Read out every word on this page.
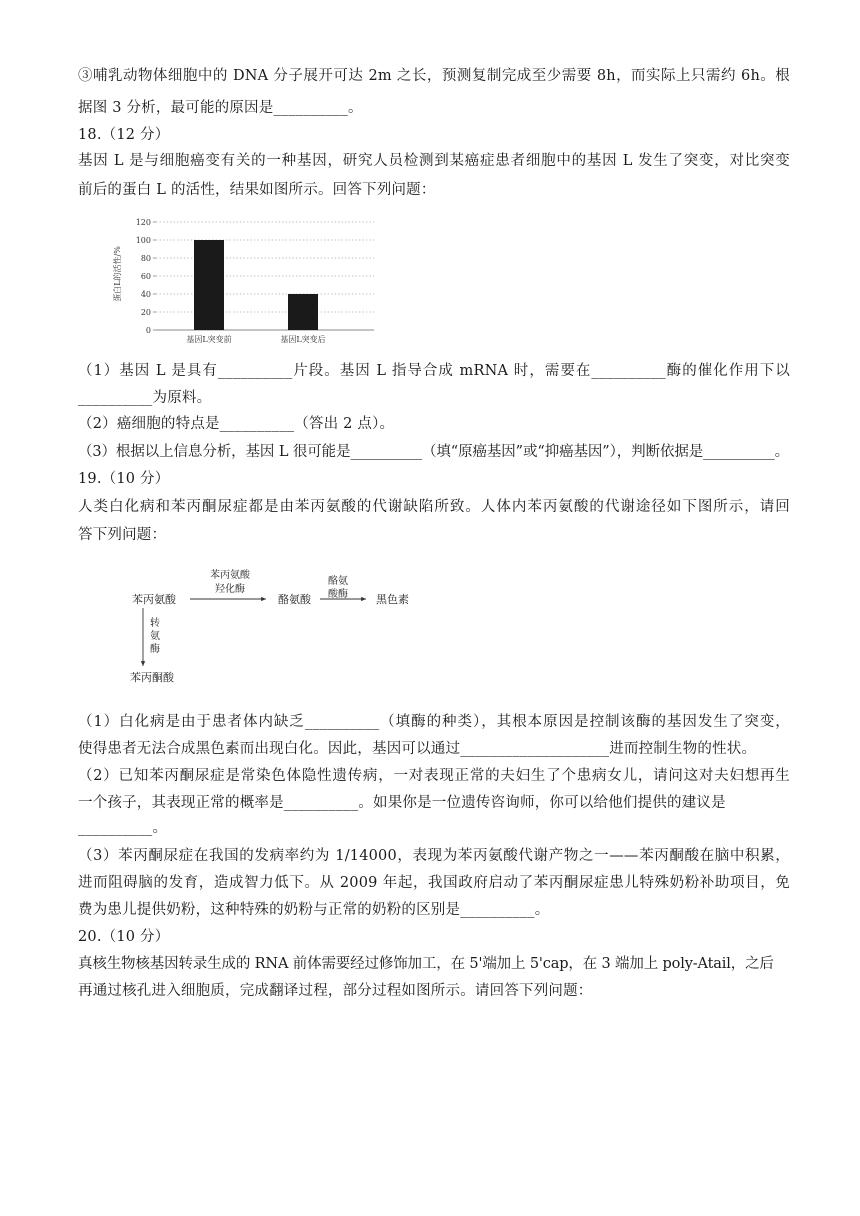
③哺乳动物体细胞中的 DNA 分子展开可达 2m 之长，预测复制完成至少需要 8h，而实际上只需约 6h。根
据图 3 分析，最可能的原因是__________。
18.（12 分）
基因 L 是与细胞癌变有关的一种基因，研究人员检测到某癌症患者细胞中的基因 L 发生了突变，对比突变
前后的蛋白 L 的活性，结果如图所示。回答下列问题：
0
20
40
60
80
100
120
基因L突变前	基因L突变后
蛋白L的活性/%
（1）基因 L 是具有__________片段。基因 L 指导合成 mRNA 时，需要在__________酶的催化作用下以
__________为原料。
（2）癌细胞的特点是__________（答出 2 点）。
（3）根据以上信息分析，基因 L 很可能是__________（填“原癌基因”或“抑癌基因”），判断依据是__________。
19.（10 分）
人类白化病和苯丙酮尿症都是由苯丙氨酸的代谢缺陷所致。人体内苯丙氨酸的代谢途径如下图所示，请回
答下列问题：
苯丙氨酸
苯丙氨酸
羟化酶
酪氨酸
酪氨
酸酶	黑色素
转
氨
酶
苯丙酮酸
（1）白化病是由于患者体内缺乏__________（填酶的种类），其根本原因是控制该酶的基因发生了突变，
使得患者无法合成黑色素而出现白化。因此，基因可以通过____________________进而控制生物的性状。
（2）已知苯丙酮尿症是常染色体隐性遗传病，一对表现正常的夫妇生了个患病女儿，请问这对夫妇想再生
一个孩子，其表现正常的概率是__________。如果你是一位遗传咨询师，你可以给他们提供的建议是
__________。
（3）苯丙酮尿症在我国的发病率约为 1/14000，表现为苯丙氨酸代谢产物之一——苯丙酮酸在脑中积累，
进而阻碍脑的发育，造成智力低下。从 2009 年起，我国政府启动了苯丙酮尿症患儿特殊奶粉补助项目，免
费为患儿提供奶粉，这种特殊的奶粉与正常的奶粉的区别是__________。
20.（10 分）
真核生物核基因转录生成的 RNA 前体需要经过修饰加工，在 5'端加上 5'cap，在 3 端加上 poly-Atail，之后
再通过核孔进入细胞质，完成翻译过程，部分过程如图所示。请回答下列问题：
